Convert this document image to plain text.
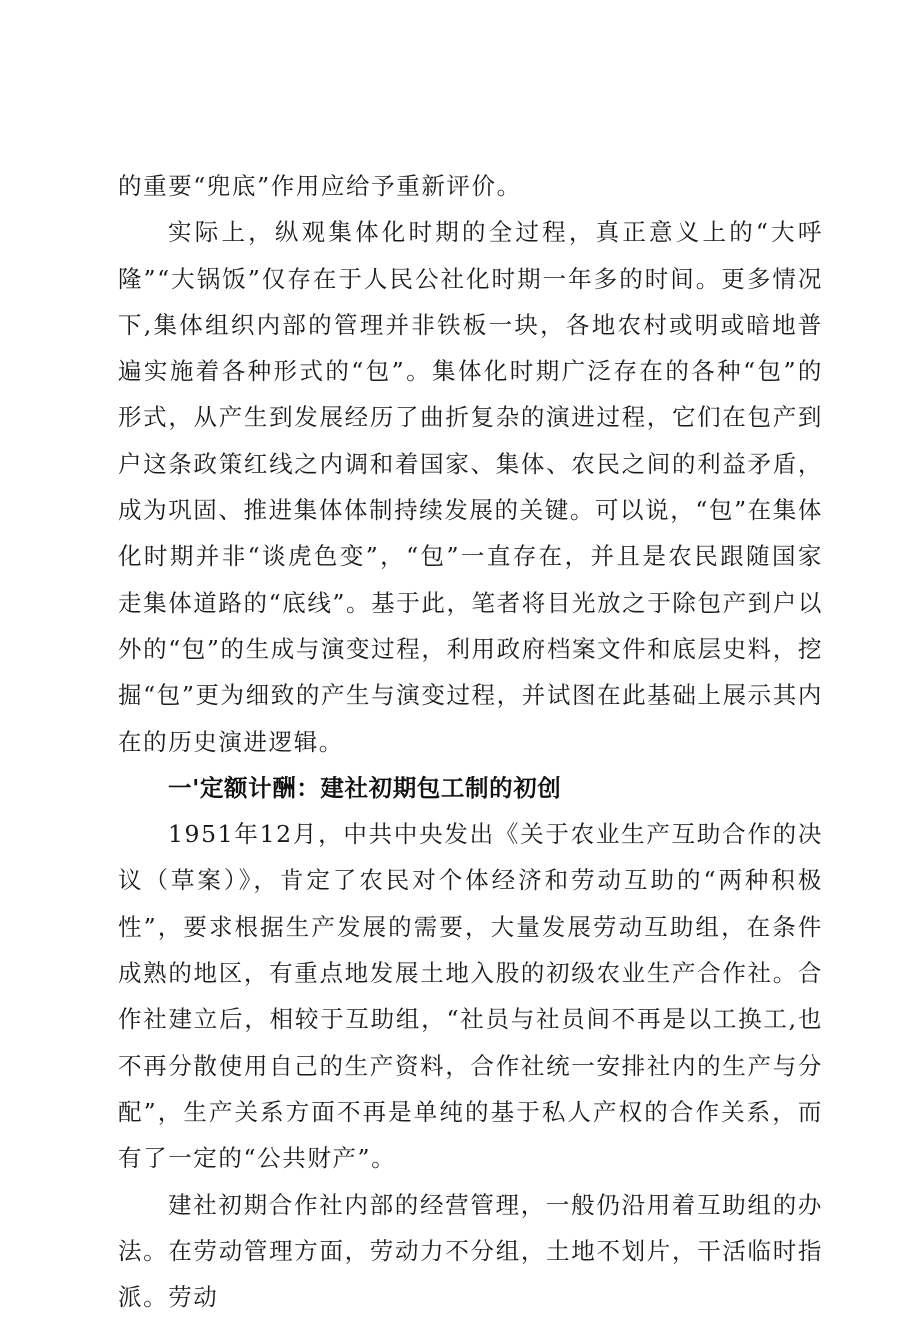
的重要“兜底”作用应给予重新评价。

实际上，纵观集体化时期的全过程，真正意义上的“大呼隆”“大锅饭”仅存在于人民公社化时期一年多的时间。更多情况下,集体组织内部的管理并非铁板一块，各地农村或明或暗地普遍实施着各种形式的“包”。集体化时期广泛存在的各种“包”的形式，从产生到发展经历了曲折复杂的演进过程，它们在包产到户这条政策红线之内调和着国家、集体、农民之间的利益矛盾，成为巩固、推进集体体制持续发展的关键。可以说，“包”在集体化时期并非“谈虎色变”，“包”一直存在，并且是农民跟随国家走集体道路的“底线”。基于此，笔者将目光放之于除包产到户以外的“包”的生成与演变过程，利用政府档案文件和底层史料，挖掘“包”更为细致的产生与演变过程，并试图在此基础上展示其内在的历史演进逻辑。

一'定额计酬：建社初期包工制的初创

1951年12月，中共中央发出《关于农业生产互助合作的决议（草案）》，肯定了农民对个体经济和劳动互助的“两种积极性”，要求根据生产发展的需要，大量发展劳动互助组，在条件成熟的地区，有重点地发展土地入股的初级农业生产合作社。合作社建立后，相较于互助组，“社员与社员间不再是以工换工,也不再分散使用自己的生产资料，合作社统一安排社内的生产与分配”，生产关系方面不再是单纯的基于私人产权的合作关系，而有了一定的“公共财产”。

建社初期合作社内部的经营管理，一般仍沿用着互助组的办法。在劳动管理方面，劳动力不分组，土地不划片，干活临时指派。劳动
